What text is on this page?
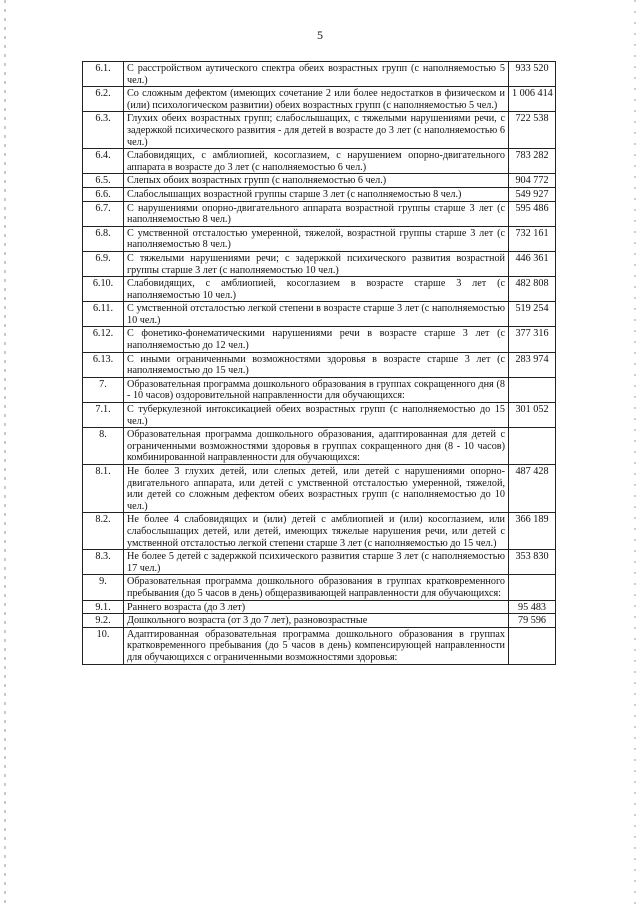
5
6.1.	С расстройством аутического спектра обеих возрастных групп (с наполняемостью 5 чел.)	933 520
6.2.	Со сложным дефектом (имеющих сочетание 2 или более недостатков в физическом и (или) психологическом развитии) обеих возрастных групп (с наполняемостью 5 чел.)	1 006 414
6.3.	Глухих обеих возрастных групп; слабослышащих, с тяжелыми нарушениями речи, с задержкой психического развития - для детей в возрасте до 3 лет (с наполняемостью 6 чел.)	722 538
6.4.	Слабовидящих, с амблиопией, косоглазием, с нарушением опорно-двигательного аппарата в возрасте до 3 лет (с наполняемостью 6 чел.)	783 282
6.5.	Слепых обоих возрастных групп (с наполняемостью 6 чел.)	904 772
6.6.	Слабослышащих возрастной группы старше 3 лет (с наполняемостью 8 чел.)	549 927
6.7.	С нарушениями опорно-двигательного аппарата возрастной группы старше 3 лет (с наполняемостью 8 чел.)	595 486
6.8.	С умственной отсталостью умеренной, тяжелой, возрастной группы старше 3 лет (с наполняемостью 8 чел.)	732 161
6.9.	С тяжелыми нарушениями речи; с задержкой психического развития возрастной группы старше 3 лет (с наполняемостью 10 чел.)	446 361
6.10.	Слабовидящих, с амблиопией, косоглазием в возрасте старше 3 лет (с наполняемостью 10 чел.)	482 808
6.11.	С умственной отсталостью легкой степени в возрасте старше 3 лет (с наполняемостью 10 чел.)	519 254
6.12.	С фонетико-фонематическими нарушениями речи в возрасте старше 3 лет (с наполняемостью до 12 чел.)	377 316
6.13.	С иными ограниченными возможностями здоровья в возрасте старше 3 лет (с наполняемостью до 15 чел.)	283 974
7.	Образовательная программа дошкольного образования в группах сокращенного дня (8 - 10 часов) оздоровительной направленности для обучающихся:	
7.1.	С туберкулезной интоксикацией обеих возрастных групп (с наполняемостью до 15 чел.)	301 052
8.	Образовательная программа дошкольного образования, адаптированная для детей с ограниченными возможностями здоровья в группах сокращенного дня (8 - 10 часов) комбинированной направленности для обучающихся:	
8.1.	Не более 3 глухих детей, или слепых детей, или детей с нарушениями опорно-двигательного аппарата, или детей с умственной отсталостью умеренной, тяжелой, или детей со сложным дефектом обеих возрастных групп (с наполняемостью до 10 чел.)	487 428
8.2.	Не более 4 слабовидящих и (или) детей с амблиопией и (или) косоглазием, или слабослышащих детей, или детей, имеющих тяжелые нарушения речи, или детей с умственной отсталостью легкой степени старше 3 лет (с наполняемостью до 15 чел.)	366 189
8.3.	Не более 5 детей с задержкой психического развития старше 3 лет (с наполняемостью 17 чел.)	353 830
9.	Образовательная программа дошкольного образования в группах кратковременного пребывания (до 5 часов в день) общеразвивающей направленности для обучающихся:	
9.1.	Раннего возраста (до 3 лет)	95 483
9.2.	Дошкольного возраста (от 3 до 7 лет), разновозрастные	79 596
10.	Адаптированная образовательная программа дошкольного образования в группах кратковременного пребывания (до 5 часов в день) компенсирующей направленности для обучающихся с ограниченными возможностями здоровья:	
